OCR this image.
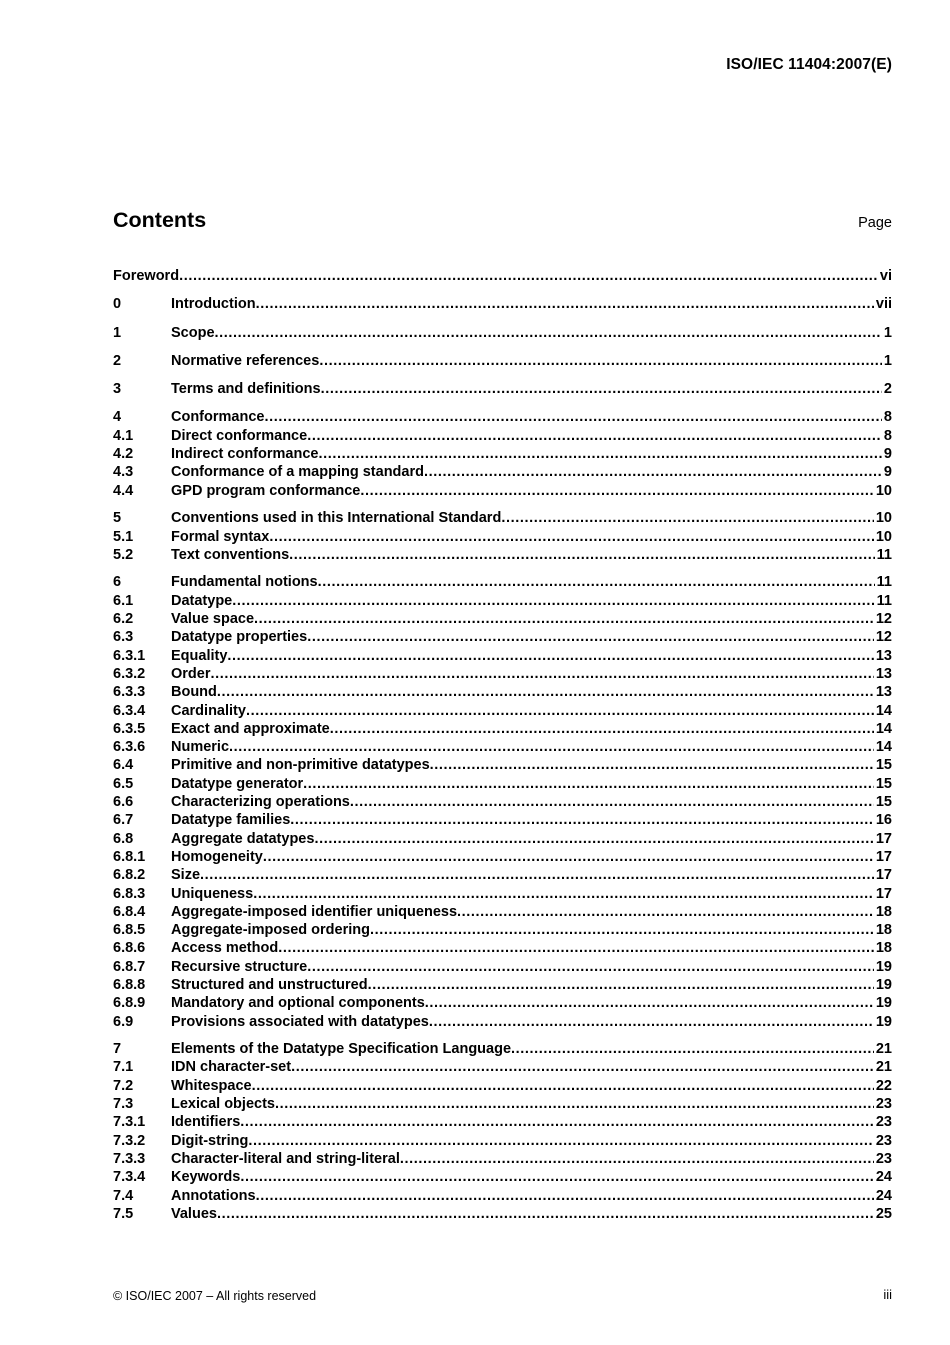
ISO/IEC 11404:2007(E)
Contents	Page
Foreword .....	vi
0	Introduction .....	vii
1	Scope .....	1
2	Normative references .....	1
3	Terms and definitions .....	2
4	Conformance .....	8
4.1	Direct conformance .....	8
4.2	Indirect conformance .....	9
4.3	Conformance of a mapping standard .....	9
4.4	GPD program conformance .....	10
5	Conventions used in this International Standard .....	10
5.1	Formal syntax .....	10
5.2	Text conventions .....	11
6	Fundamental notions .....	11
6.1	Datatype .....	11
6.2	Value space .....	12
6.3	Datatype properties .....	12
6.3.1	Equality .....	13
6.3.2	Order .....	13
6.3.3	Bound .....	13
6.3.4	Cardinality .....	14
6.3.5	Exact and approximate .....	14
6.3.6	Numeric .....	14
6.4	Primitive and non-primitive datatypes .....	15
6.5	Datatype generator .....	15
6.6	Characterizing operations .....	15
6.7	Datatype families .....	16
6.8	Aggregate datatypes .....	17
6.8.1	Homogeneity .....	17
6.8.2	Size .....	17
6.8.3	Uniqueness .....	17
6.8.4	Aggregate-imposed identifier uniqueness .....	18
6.8.5	Aggregate-imposed ordering .....	18
6.8.6	Access method .....	18
6.8.7	Recursive structure .....	19
6.8.8	Structured and unstructured .....	19
6.8.9	Mandatory and optional components .....	19
6.9	Provisions associated with datatypes .....	19
7	Elements of the Datatype Specification Language .....	21
7.1	IDN character-set .....	21
7.2	Whitespace .....	22
7.3	Lexical objects .....	23
7.3.1	Identifiers .....	23
7.3.2	Digit-string .....	23
7.3.3	Character-literal and string-literal .....	23
7.3.4	Keywords .....	24
7.4	Annotations .....	24
7.5	Values .....	25
© ISO/IEC 2007 – All rights reserved	iii
